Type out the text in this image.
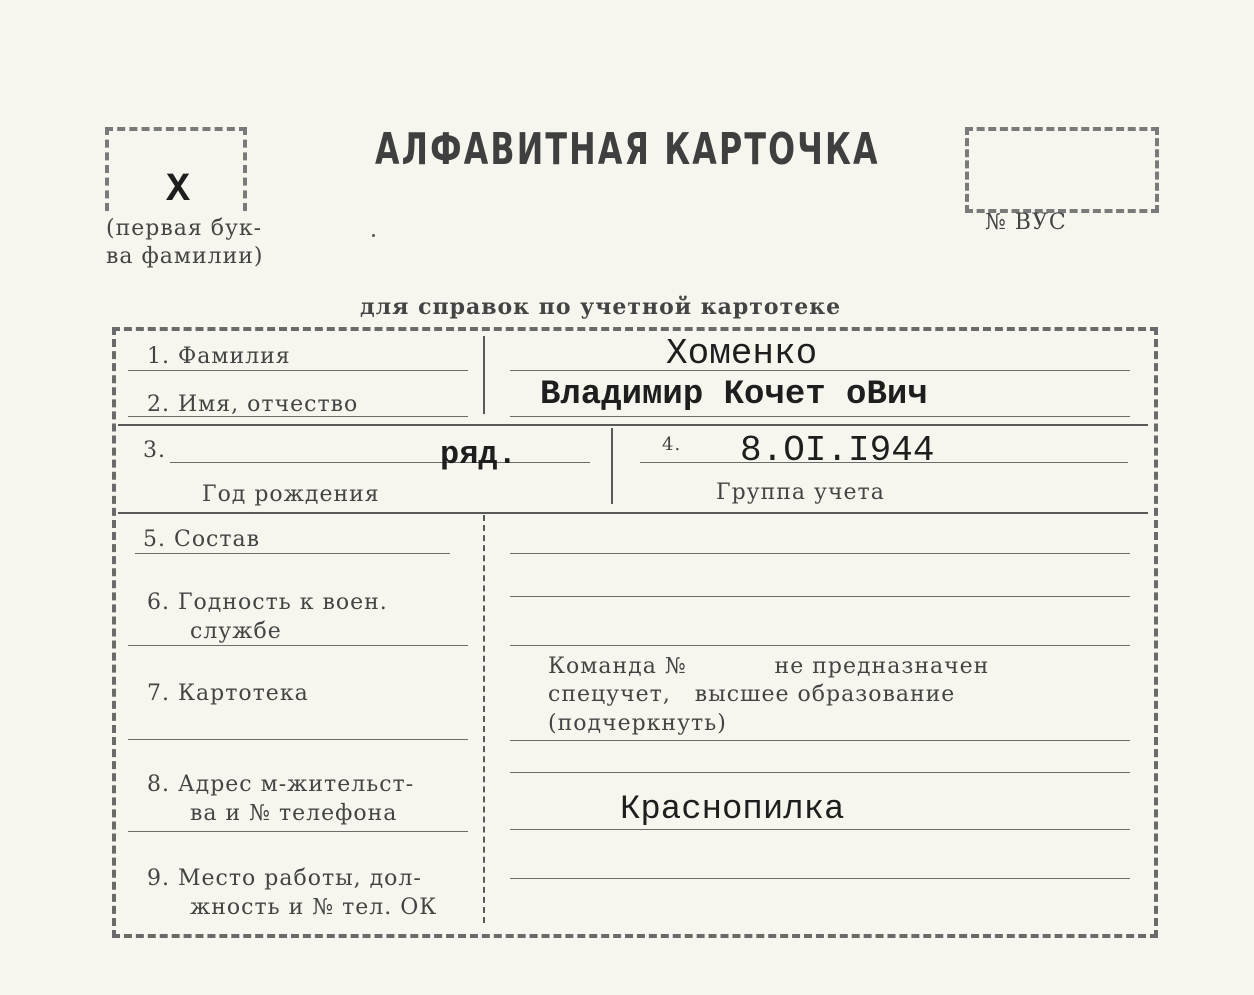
Х
(первая бук-
ва фамилии)
АЛФАВИТНАЯ КАРТОЧКА
№ ВУС
для справок по учетной картотеке
1. Фамилия	Хоменко
2. Имя, отчество	Владимир Кочет оВич
3.	ряд.
Год рождения
4. 8.OI.I944
Группа учета
5. Состав
6. Годность к воен.
службе
7. Картотека
Команда №           не предназначен
спецучет,   высшее образование
(подчеркнуть)
8. Адрес м-жительст-
ва и № телефона	Краснопилка
9. Место работы, дол-
жность и № тел. ОК
